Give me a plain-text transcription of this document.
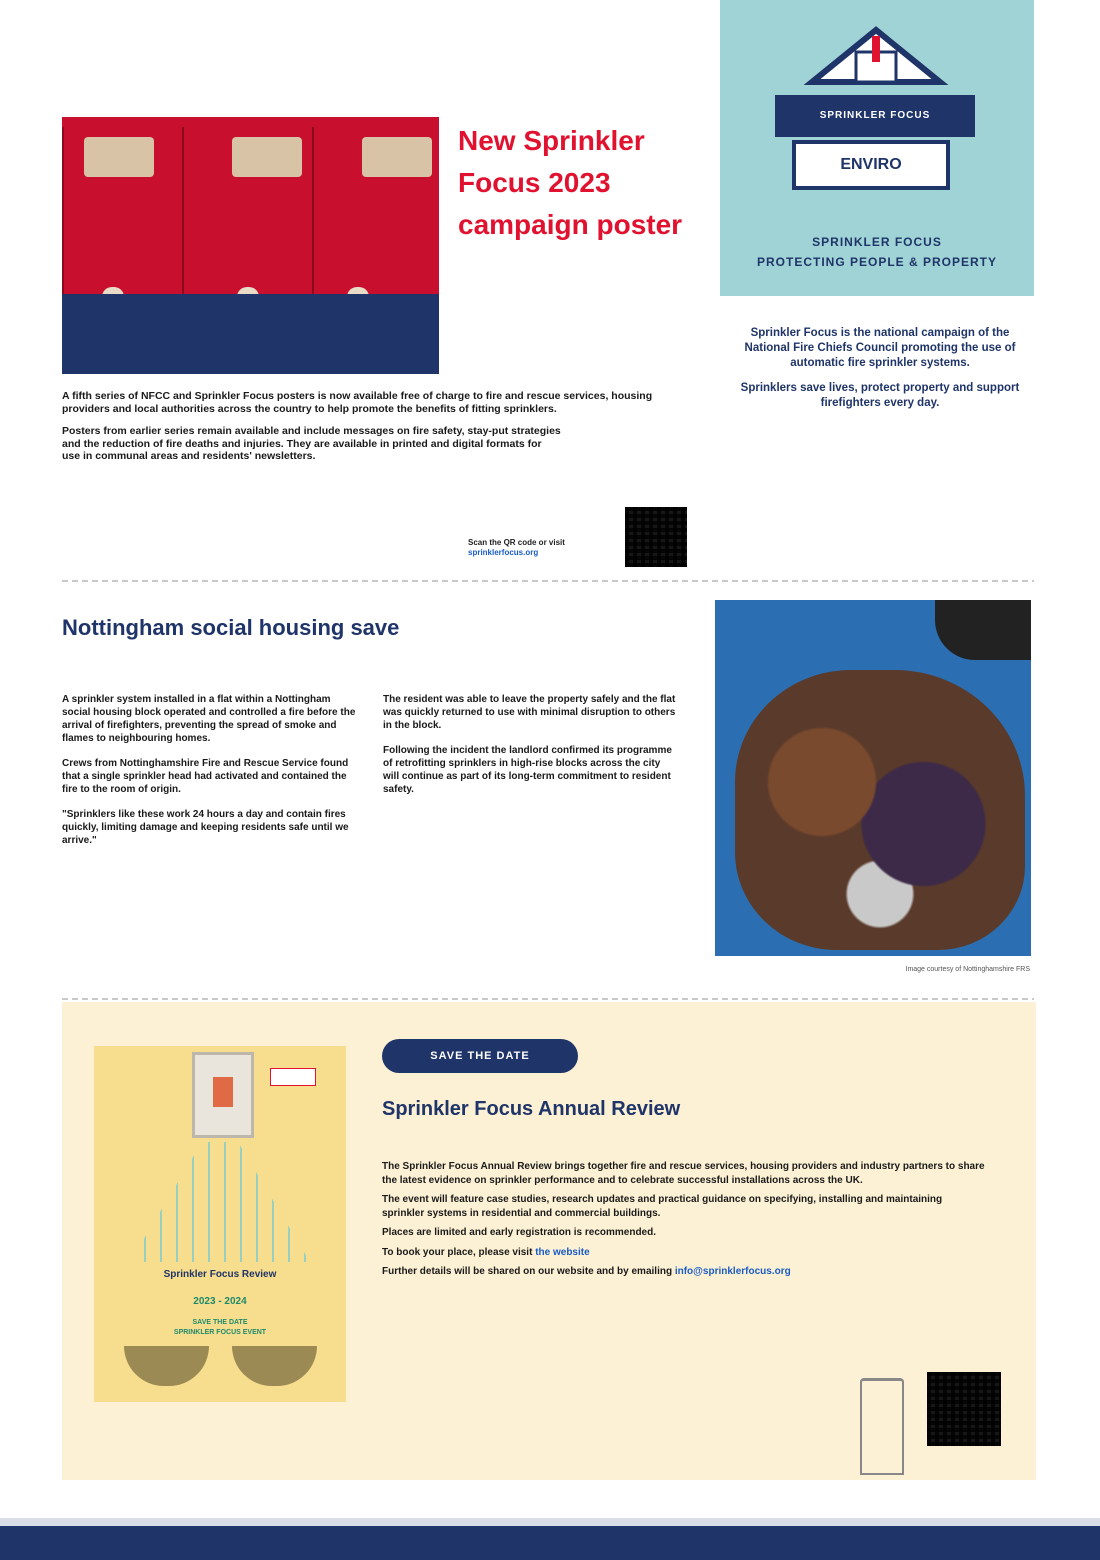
New Sprinkler Focus 2023 campaign poster
SPRINKLER FOCUS
ENVIRO
SPRINKLER FOCUS
PROTECTING PEOPLE & PROPERTY

Sprinkler Focus is the national campaign of the National Fire Chiefs Council promoting the use of automatic fire sprinkler systems.

Sprinklers save lives, protect property and support firefighters every day.

A fifth series of NFCC and Sprinkler Focus posters is now available free of charge to fire and rescue services, housing providers and local authorities across the country to help promote the benefits of fitting sprinklers.

Posters from earlier series remain available and include messages on fire safety, stay-put strategies and the reduction of fire deaths and injuries. They are available in printed and digital formats for use in communal areas and residents' newsletters.

Scan the QR code or visit sprinklerfocus.org
Nottingham social housing save

A sprinkler system installed in a flat within a Nottingham social housing block operated and controlled a fire before the arrival of firefighters, preventing the spread of smoke and flames to neighbouring homes.

Crews from Nottinghamshire Fire and Rescue Service found that a single sprinkler head had activated and contained the fire to the room of origin.

"Sprinklers like these work 24 hours a day and contain fires quickly, limiting damage and keeping residents safe until we arrive."

The resident was able to leave the property safely and the flat was quickly returned to use with minimal disruption to others in the block.

Following the incident the landlord confirmed its programme of retrofitting sprinklers in high-rise blocks across the city will continue as part of its long-term commitment to resident safety.

Image courtesy of Nottinghamshire FRS
Sprinkler Focus Review
2023 - 2024
SAVE THE DATE
SPRINKLER FOCUS EVENT
SAVE THE DATE
Sprinkler Focus Annual Review

The Sprinkler Focus Annual Review brings together fire and rescue services, housing providers and industry partners to share the latest evidence on sprinkler performance and to celebrate successful installations across the UK.

The event will feature case studies, research updates and practical guidance on specifying, installing and maintaining sprinkler systems in residential and commercial buildings.

Places are limited and early registration is recommended.

To book your place, please visit the website

Further details will be shared on our website and by emailing info@sprinklerfocus.org
